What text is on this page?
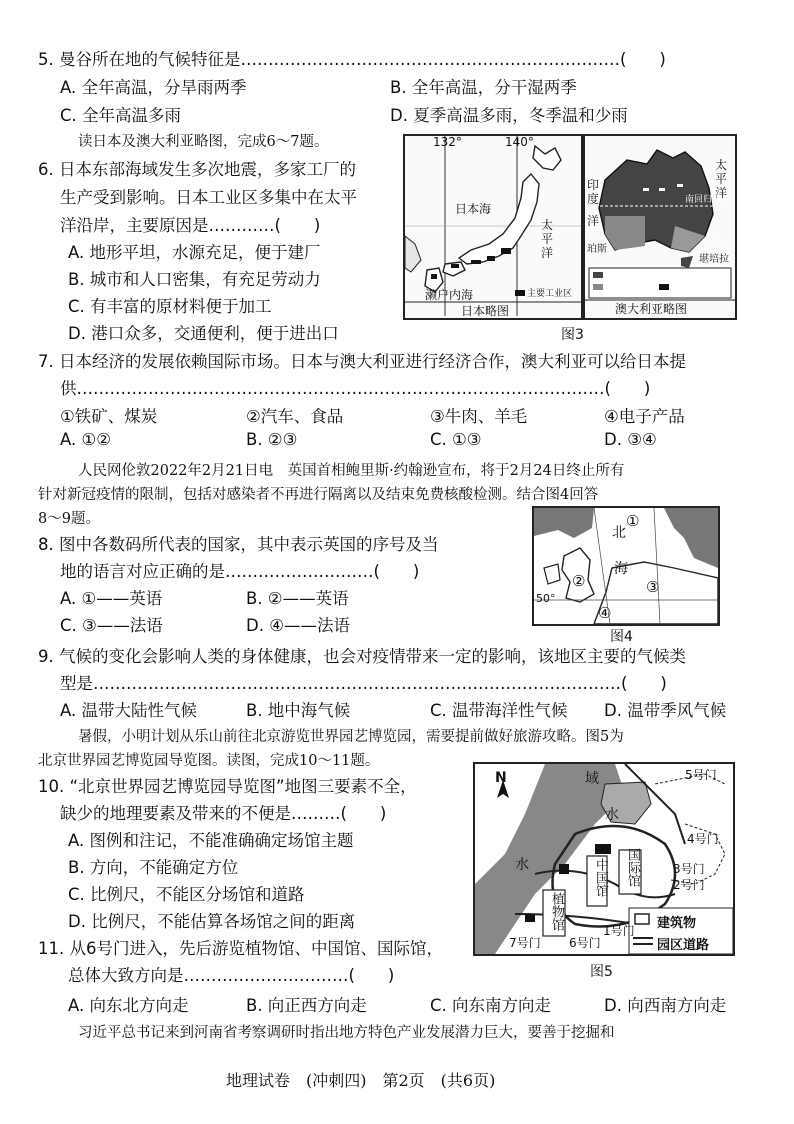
5. 曼谷所在地的气候特征是……………………………………………………………(　　)
A. 全年高温，分旱雨两季	B. 全年高温，分干湿两季
C. 全年高温多雨	D. 夏季高温多雨，冬季温和少雨
读日本及澳大利亚略图，完成6～7题。
6. 日本东部海域发生多次地震，多家工厂的
生产受到影响。日本工业区多集中在太平
洋沿岸，主要原因是…………(　　)
A. 地形平坦，水源充足，便于建厂
B. 城市和人口密集，有充足劳动力
C. 有丰富的原材料便于加工
D. 港口众多，交通便利，便于进出口
132°	140°
日本海
太
平
洋
濑户内海	主要工业区
日本略图
太
平
洋
印
度
洋
珀斯	悉尼
堪培拉
南回归线
澳大利亚略图
图3
7. 日本经济的发展依赖国际市场。日本与澳大利亚进行经济合作，澳大利亚可以给日本提
供……………………………………………………………………………………(　　)
①铁矿、煤炭	②汽车、食品	③牛肉、羊毛	④电子产品
A. ①②	B. ②③	C. ①③	D. ③④
人民网伦敦2022年2月21日电　英国首相鲍里斯·约翰逊宣布，将于2月24日终止所有
针对新冠疫情的限制，包括对感染者不再进行隔离以及结束免费核酸检测。结合图4回答
8～9题。
8. 图中各数码所代表的国家，其中表示英国的序号及当
地的语言对应正确的是………………………(　　)
A. ①——英语	B. ②——英语
C. ③——法语	D. ④——法语
①
北
海
②	③
④
50°
图4
9. 气候的变化会影响人类的身体健康，也会对疫情带来一定的影响，该地区主要的气候类
型是……………………………………………………………………………………(　　)
A. 温带大陆性气候	B. 地中海气候	C. 温带海洋性气候 D. 温带季风气候
暑假，小明计划从乐山前往北京游览世界园艺博览园，需要提前做好旅游攻略。图5为
北京世界园艺博览园导览图。读图，完成10～11题。
10. “北京世界园艺博览园导览图”地图三要素不全，
缺少的地理要素及带来的不便是………(　　)
A. 图例和注记，不能准确确定场馆主题
B. 方向，不能确定方位
C. 比例尺，不能区分场馆和道路
D. 比例尺，不能估算各场馆之间的距离
11. 从6号门进入，先后游览植物馆、中国馆、国际馆，
总体大致方向是…………………………(　　)
A. 向东北方向走	B. 向正西方向走	C. 向东南方向走	D. 向西南方向走
N	5号门
4号门
3号门
2号门
6号门
7号门
1号门
域
水
水	国际馆
中国馆
植物馆	建筑物
园区道路
图5
习近平总书记来到河南省考察调研时指出地方特色产业发展潜力巨大，要善于挖掘和
地理试卷　(冲刺四)　第2页　(共6页)
